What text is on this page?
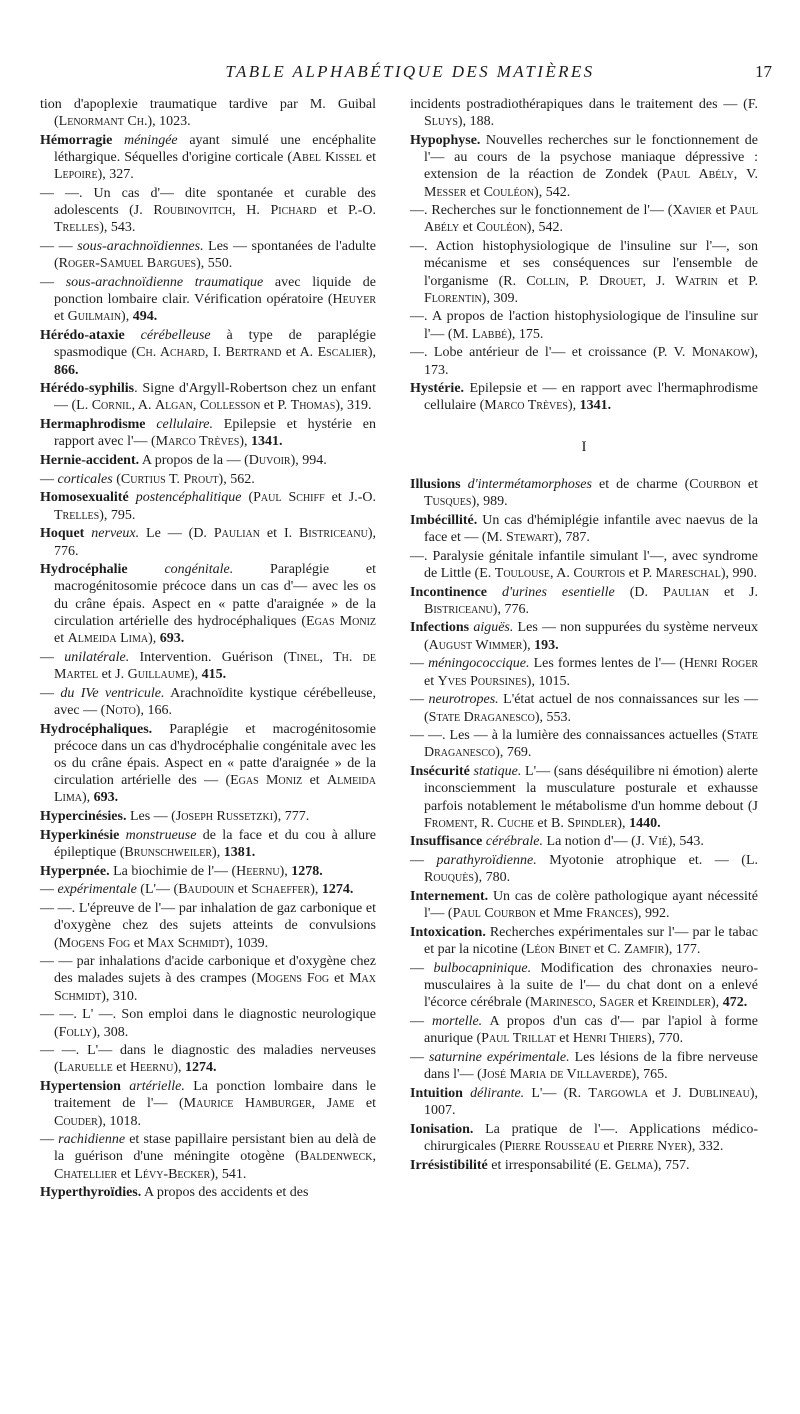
TABLE ALPHABÉTIQUE DES MATIÈRES	17

tion d'apoplexie traumatique tardive par M. Guibal (Lenormant Ch.), 1023.

Hémorragie méningée ayant simulé une encéphalite léthargique. Séquelles d'origine corticale (Abel Kissel et Lepoire), 327.

— —. Un cas d'— dite spontanée et curable des adolescents (J. Roubinovitch, H. Pichard et P.-O. Trelles), 543.

— — sous-arachnoïdiennes. Les — spontanées de l'adulte (Roger-Samuel Bargues), 550.

— sous-arachnoïdienne traumatique avec liquide de ponction lombaire clair. Vérification opératoire (Heuyer et Guilmain), 494.

Hérédo-ataxie cérébelleuse à type de paraplégie spasmodique (Ch. Achard, I. Bertrand et A. Escalier), 866.

Hérédo-syphilis. Signe d'Argyll-Robertson chez un enfant — (L. Cornil, A. Algan, Collesson et P. Thomas), 319.

Hermaphrodisme cellulaire. Epilepsie et hystérie en rapport avec l'— (Marco Trèves), 1341.

Hernie-accident. A propos de la — (Duvoir), 994.

— corticales (Curtius T. Prout), 562.

Homosexualité postencéphalitique (Paul Schiff et J.-O. Trelles), 795.

Hoquet nerveux. Le — (D. Paulian et I. Bistriceanu), 776.

Hydrocéphalie	congénitale. Paraplégie et macrogénitosomie précoce dans un cas d'— avec les os du crâne épais. Aspect en « patte d'araignée » de la circulation artérielle des hydrocéphaliques (Egas Moniz et Almeida Lima), 693.

— unilatérale. Intervention. Guérison (Tinel, Th. de Martel et J. Guillaume), 415.

— du IVe ventricule. Arachnoïdite kystique cérébelleuse, avec — (Noto), 166.

Hydrocéphaliques. Paraplégie et macrogénitosomie précoce dans un cas d'hydrocéphalie congénitale avec les os du crâne épais. Aspect en « patte d'araignée » de la circulation artérielle des — (Egas Moniz et Almeida Lima), 693.

Hypercinésies. Les — (Joseph Russetzki), 777.

Hyperkinésie monstrueuse de la face et du cou à allure épileptique (Brunschweiler), 1381.

Hyperpnée. La biochimie de l'— (Heernu), 1278.

— expérimentale (L'— (Baudouin et Schaeffer), 1274.

— —. L'épreuve de l'— par inhalation de gaz carbonique et d'oxygène chez des sujets atteints de convulsions (Mogens Fog et Max Schmidt), 1039.

— — par inhalations d'acide carbonique et d'oxygène chez des malades sujets à des crampes (Mogens Fog et Max Schmidt), 310.

— —. L' —. Son emploi dans le diagnostic neurologique (Folly), 308.

— —. L'— dans le diagnostic des maladies nerveuses (Laruelle et Heernu), 1274.

Hypertension artérielle. La ponction lombaire dans le traitement de l'— (Maurice Hamburger, Jame et Couder), 1018.

— rachidienne et stase papillaire persistant bien au delà de la guérison d'une méningite otogène (Baldenweck, Chatellier et Lévy-Becker), 541.

Hyperthyroïdies. A propos des accidents et des

incidents postradiothérapiques dans le traitement des — (F. Sluys), 188.

Hypophyse. Nouvelles recherches sur le fonctionnement de l'— au cours de la psychose maniaque dépressive : extension de la réaction de Zondek (Paul Abély, V. Messer et Couléon), 542.

—. Recherches sur le fonctionnement de l'— (Xavier et Paul Abély et Couléon), 542.

—. Action histophysiologique de l'insuline sur l'—, son mécanisme et ses conséquences sur l'ensemble de l'organisme (R. Collin, P. Drouet, J. Watrin et P. Florentin), 309.

—. A propos de l'action histophysiologique de l'insuline sur l'— (M. Labbé), 175.

—. Lobe antérieur de l'— et croissance (P. V. Monakow), 173.

Hystérie. Epilepsie et — en rapport avec l'hermaphrodisme cellulaire (Marco Trèves), 1341.

I

Illusions d'intermétamorphoses et de charme (Courbon et Tusques), 989.

Imbécillité. Un cas d'hémiplégie infantile avec naevus de la face et — (M. Stewart), 787.

—. Paralysie génitale infantile simulant l'—, avec syndrome de Little (E. Toulouse, A. Courtois et P. Mareschal), 990.

Incontinence d'urines esentielle (D. Paulian et J. Bistriceanu), 776.

Infections aiguës. Les — non suppurées du système nerveux (August Wimmer), 193.

— méningococcique. Les formes lentes de l'— (Henri Roger et Yves Poursines), 1015.

— neurotropes. L'état actuel de nos connaissances sur les — (State Draganesco), 553.

— —. Les — à la lumière des connaissances actuelles (State Draganesco), 769.

Insécurité statique. L'— (sans déséquilibre ni émotion) alerte inconsciemment la musculature posturale et exhausse parfois notablement le métabolisme d'un homme debout (J Froment, R. Cuche et B. Spindler), 1440.

Insuffisance cérébrale. La notion d'— (J. Vié), 543.

— parathyroïdienne. Myotonie atrophique et. — (L. Rouquès), 780.

Internement. Un cas de colère pathologique ayant nécessité l'— (Paul Courbon et Mme Frances), 992.

Intoxication. Recherches expérimentales sur l'— par le tabac et par la nicotine (Léon Binet et C. Zamfir), 177.

— bulbocapninique. Modification des chronaxies neuro-musculaires à la suite de l'— du chat dont on a enlevé l'écorce cérébrale (Marinesco, Sager et Kreindler), 472.

— mortelle. A propos d'un cas d'— par l'apiol à forme anurique (Paul Trillat et Henri Thiers), 770.

— saturnine expérimentale. Les lésions de la fibre nerveuse dans l'— (José Maria de Villaverde), 765.

Intuition délirante. L'— (R. Targowla et J. Dublineau), 1007.

Ionisation. La pratique de l'—. Applications médico-chirurgicales (Pierre Rousseau et Pierre Nyer), 332.

Irrésistibilité et irresponsabilité (E. Gelma), 757.
